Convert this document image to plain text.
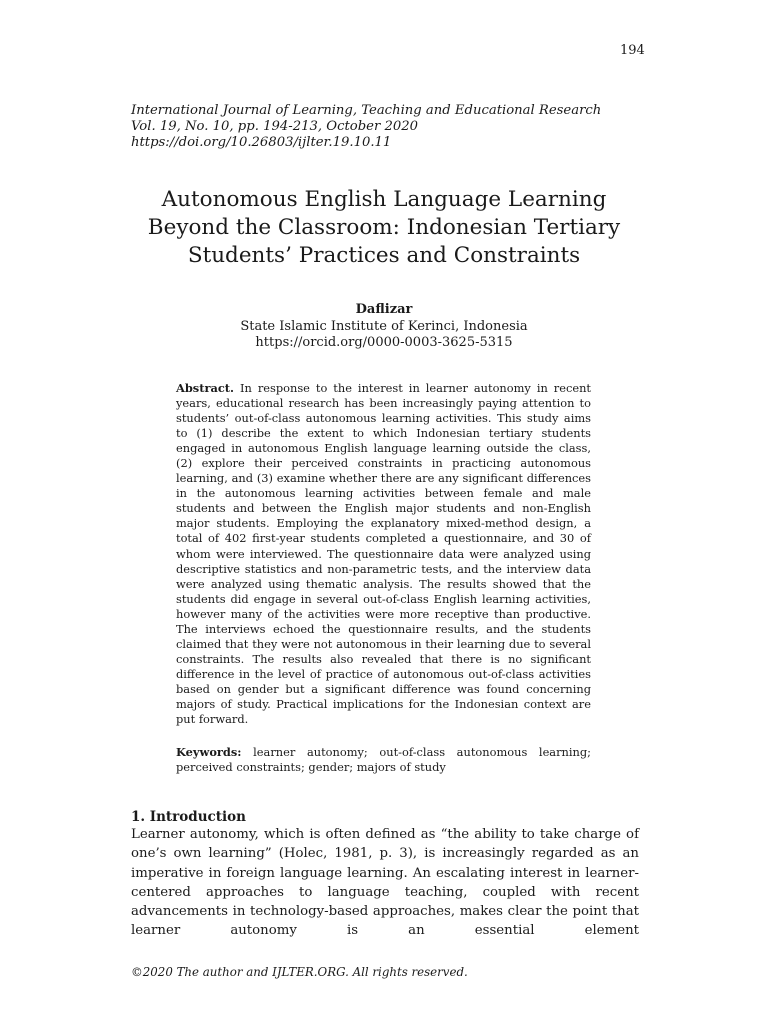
194
International Journal of Learning, Teaching and Educational Research
Vol. 19, No. 10, pp. 194-213, October 2020
https://doi.org/10.26803/ijlter.19.10.11
Autonomous English Language Learning
Beyond the Classroom: Indonesian Tertiary
Students’ Practices and Constraints
Daflizar
State Islamic Institute of Kerinci, Indonesia
https://orcid.org/0000-0003-3625-5315

Abstract. In response to the interest in learner autonomy in recent years, educational research has been increasingly paying attention to students’ out-of-class autonomous learning activities. This study aims to (1) describe the extent to which Indonesian tertiary students engaged in autonomous English language learning outside the class, (2) explore their perceived constraints in practicing autonomous learning, and (3) examine whether there are any significant differences in the autonomous learning activities between female and male students and between the English major students and non-English major students. Employing the explanatory mixed-method design, a total of 402 first-year students completed a questionnaire, and 30 of whom were interviewed. The questionnaire data were analyzed using descriptive statistics and non-parametric tests, and the interview data were analyzed using thematic analysis. The results showed that the students did engage in several out-of-class English learning activities, however many of the activities were more receptive than productive. The interviews echoed the questionnaire results, and the students claimed that they were not autonomous in their learning due to several constraints. The results also revealed that there is no significant difference in the level of practice of autonomous out-of-class activities based on gender but a significant difference was found concerning majors of study. Practical implications for the Indonesian context are put forward.

Keywords: learner autonomy; out-of-class autonomous learning; perceived constraints; gender; majors of study

1. Introduction

Learner autonomy, which is often defined as “the ability to take charge of one’s own learning” (Holec, 1981, p. 3), is increasingly regarded as an imperative in foreign language learning. An escalating interest in learner-centered approaches to language teaching, coupled with recent advancements in technology-based approaches, makes clear the point that learner autonomy is an essential element

©2020 The author and IJLTER.ORG. All rights reserved.
